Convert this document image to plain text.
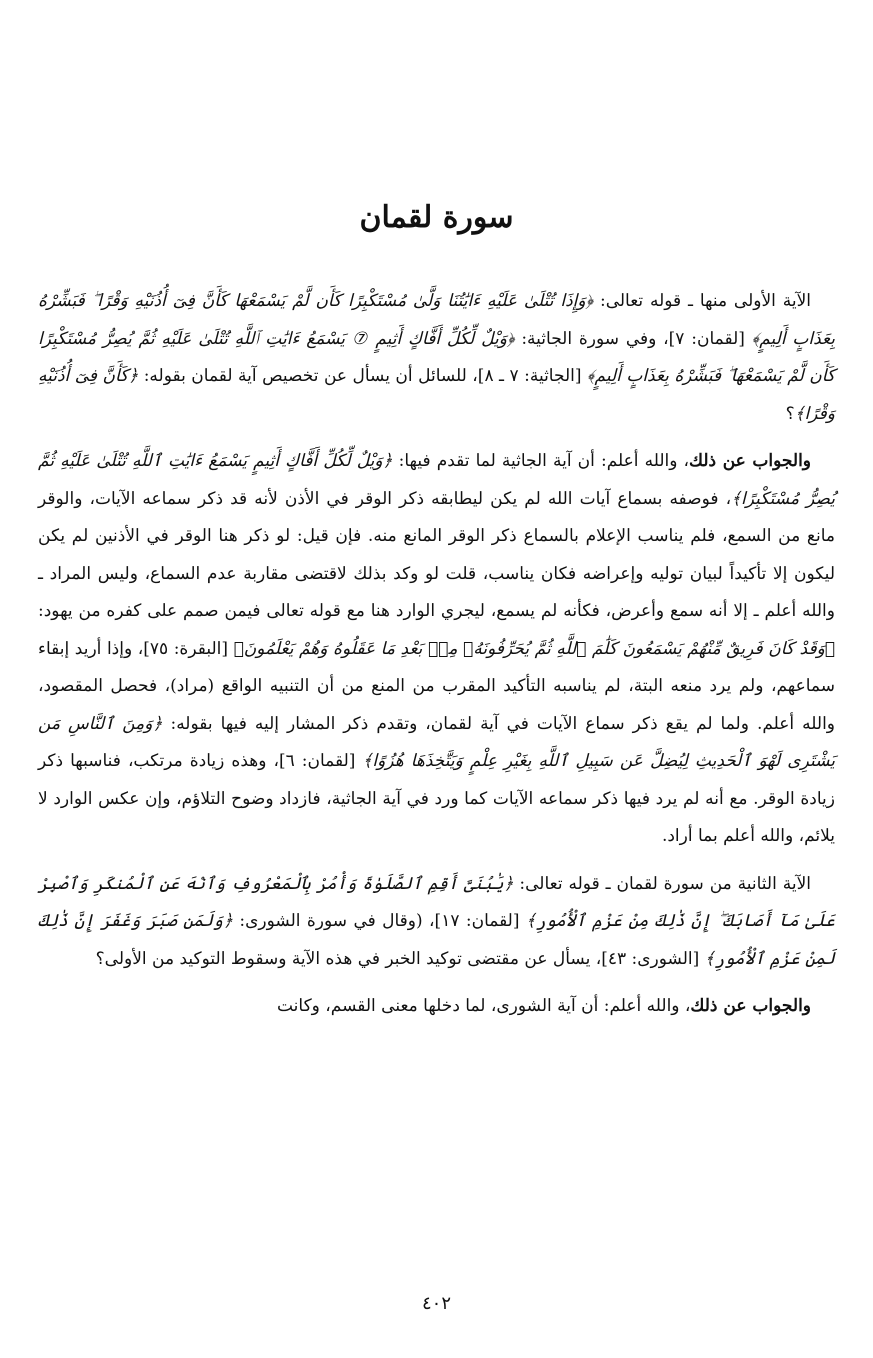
سورة لقمان

الآية الأولى منها ـ قوله تعالى: ﴿وَإِذَا تُتْلَىٰ عَلَيْهِ ءَايَٰتُنَا وَلَّىٰ مُسْتَكْبِرًا كَأَن لَّمْ يَسْمَعْهَا كَأَنَّ فِىٓ أُذُنَيْهِ وَقْرًا ۖ فَبَشِّرْهُ بِعَذَابٍ أَلِيمٍ﴾ [لقمان: ٧]، وفي سورة الجاثية: ﴿وَيْلٌ لِّكُلِّ أَفَّاكٍ أَثِيمٍ ⑦ يَسْمَعُ ءَايَٰتِ ٱللَّهِ تُتْلَىٰ عَلَيْهِ ثُمَّ يُصِرُّ مُسْتَكْبِرًا كَأَن لَّمْ يَسْمَعْهَا ۖ فَبَشِّرْهُ بِعَذَابٍ أَلِيمٍ﴾ [الجاثية: ٧ ـ ٨]، للسائل أن يسأل عن تخصيص آية لقمان بقوله: ﴿كَأَنَّ فِىٓ أُذُنَيْهِ وَقْرًا﴾؟

والجواب عن ذلك، والله أعلم: أن آية الجاثية لما تقدم فيها: ﴿وَيْلٌ لِّكُلِّ أَفَّاكٍ أَثِيمٍ يَسْمَعُ ءَايَٰتِ ٱللَّهِ تُتْلَىٰ عَلَيْهِ ثُمَّ يُصِرُّ مُسْتَكْبِرًا﴾، فوصفه بسماع آيات الله لم يكن ليطابقه ذكر الوقر في الأذن لأنه قد ذكر سماعه الآيات، والوقر مانع من السمع، فلم يناسب الإعلام بالسماع ذكر الوقر المانع منه. فإن قيل: لو ذكر هنا الوقر في الأذنين لم يكن ليكون إلا تأكيداً لبيان توليه وإعراضه فكان يناسب، قلت لو وكد بذلك لاقتضى مقاربة عدم السماع، وليس المراد ـ والله أعلم ـ إلا أنه سمع وأعرض، فكأنه لم يسمع، ليجري الوارد هنا مع قوله تعالى فيمن صمم على كفره من يهود: ﴿وَقَدْ كَانَ فَرِيقٌ مِّنْهُمْ يَسْمَعُونَ كَلَٰمَ ٱللَّهِ ثُمَّ يُحَرِّفُونَهُۥ مِنۢ بَعْدِ مَا عَقَلُوهُ وَهُمْ يَعْلَمُونَ﴾ [البقرة: ٧٥]، وإذا أريد إبقاء سماعهم، ولم يرد منعه البتة، لم يناسبه التأكيد المقرب من المنع من أن التنبيه الواقع (مراد)، فحصل المقصود، والله أعلم. ولما لم يقع ذكر سماع الآيات في آية لقمان، وتقدم ذكر المشار إليه فيها بقوله: ﴿وَمِنَ ٱلنَّاسِ مَن يَشْتَرِى لَهْوَ ٱلْحَدِيثِ لِيُضِلَّ عَن سَبِيلِ ٱللَّهِ بِغَيْرِ عِلْمٍ وَيَتَّخِذَهَا هُزُوًا﴾ [لقمان: ٦]، وهذه زيادة مرتكب، فناسبها ذكر زيادة الوقر. مع أنه لم يرد فيها ذكر سماعه الآيات كما ورد في آية الجاثية، فازداد وضوح التلاؤم، وإن عكس الوارد لا يلائم، والله أعلم بما أراد.

الآية الثانية من سورة لقمان ـ قوله تعالى: ﴿يَٰبُنَىَّ أَقِمِ ٱلصَّلَوٰةَ وَأْمُرْ بِٱلْمَعْرُوفِ وَٱنْهَ عَنِ ٱلْمُنكَرِ وَٱصْبِرْ عَلَىٰ مَآ أَصَابَكَ ۖ إِنَّ ذَٰلِكَ مِنْ عَزْمِ ٱلْأُمُورِ﴾ [لقمان: ١٧]، (وقال في سورة الشورى: ﴿وَلَمَن صَبَرَ وَغَفَرَ إِنَّ ذَٰلِكَ لَمِنْ عَزْمِ ٱلْأُمُورِ﴾ [الشورى: ٤٣]، يسأل عن مقتضى توكيد الخبر في هذه الآية وسقوط التوكيد من الأولى؟

والجواب عن ذلك، والله أعلم: أن آية الشورى، لما دخلها معنى القسم، وكانت

٤٠٢
